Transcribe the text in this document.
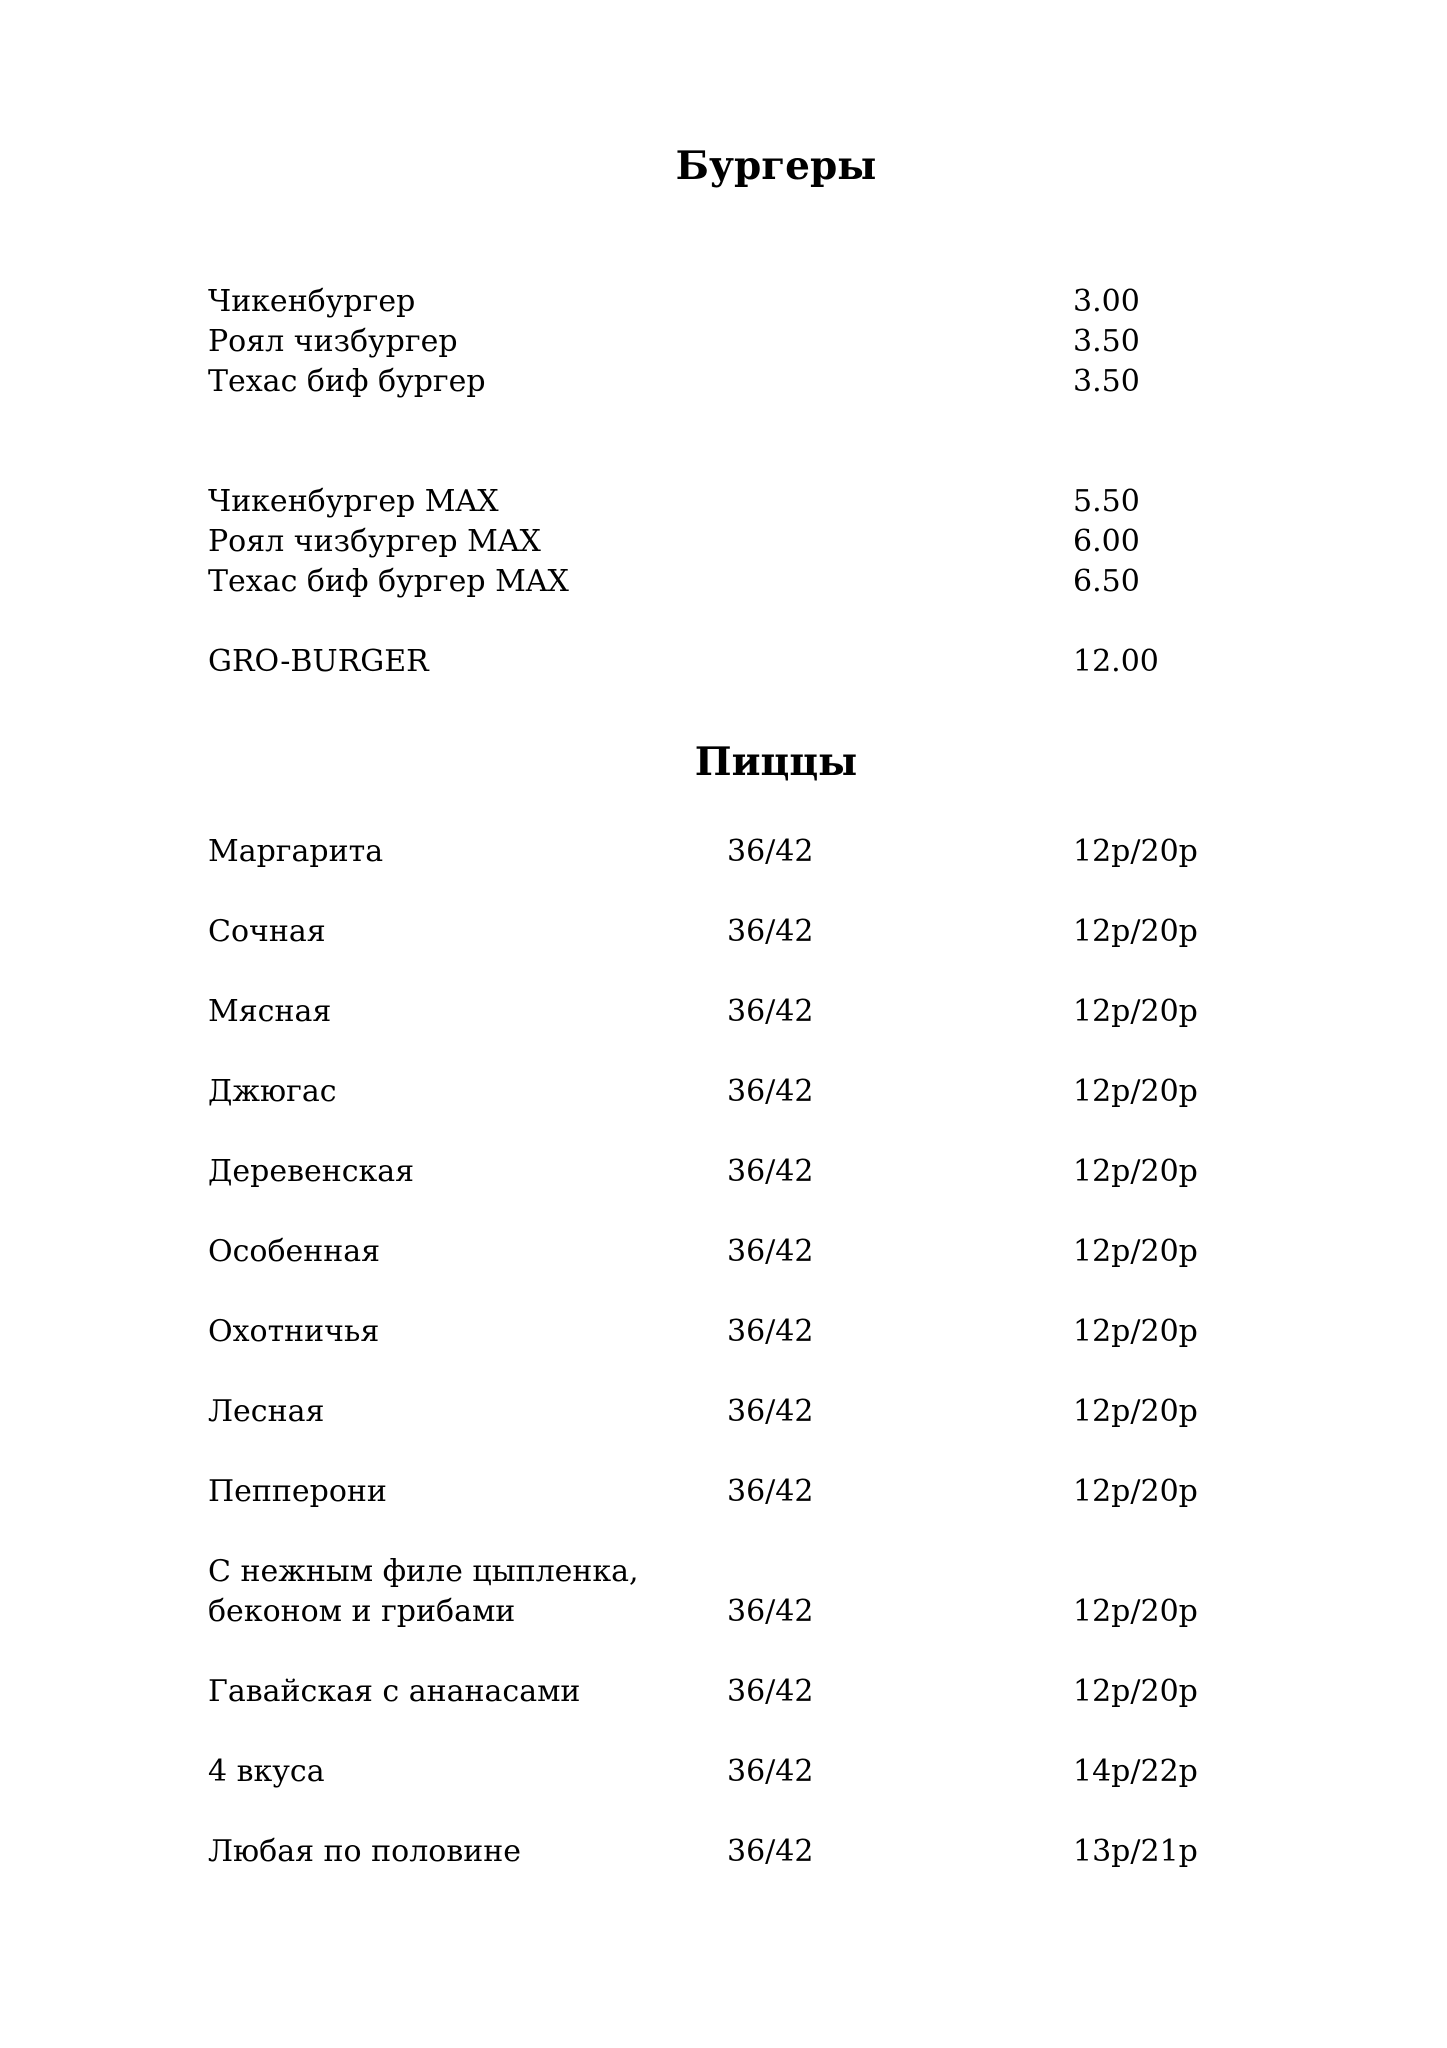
Бургеры
Чикенбургер	3.00
Роял чизбургер	3.50
Техас биф бургер	3.50
Чикенбургер MAX	5.50
Роял чизбургер MAX	6.00
Техас биф бургер MAX	6.50
GRO-BURGER	12.00
Пиццы
Маргарита	36/42	12р/20р
Сочная	36/42	12р/20р
Мясная	36/42	12р/20р
Джюгас	36/42	12р/20р
Деревенская	36/42	12р/20р
Особенная	36/42	12р/20р
Охотничья	36/42	12р/20р
Лесная	36/42	12р/20р
Пепперони	36/42	12р/20р
С нежным филе цыпленка,
беконом и грибами	36/42	12р/20р
Гавайская с ананасами	36/42	12р/20р
4 вкуса	36/42	14р/22р
Любая по половине	36/42	13р/21р
